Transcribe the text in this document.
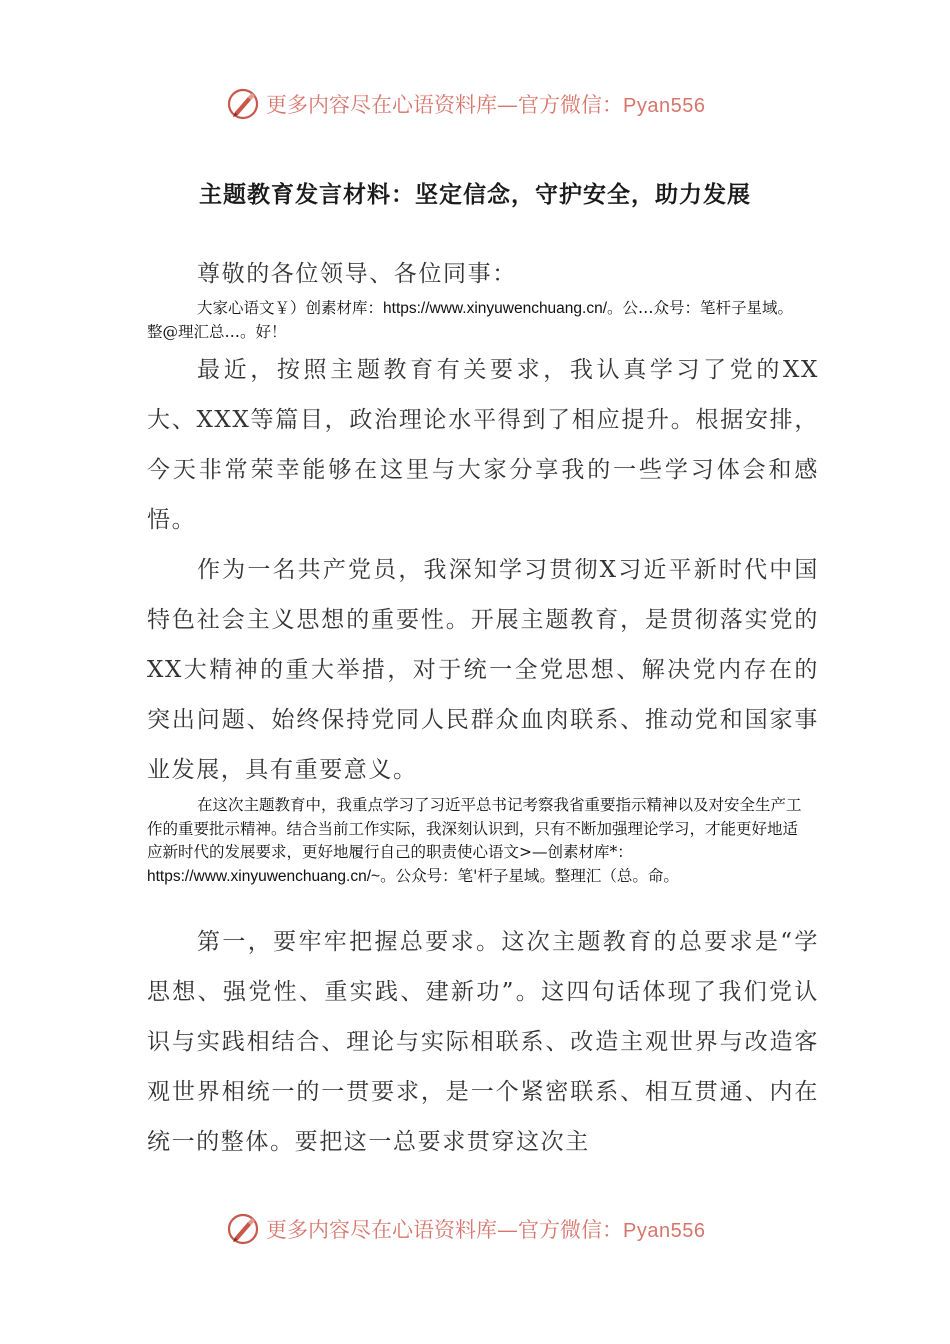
更多内容尽在心语资料库—官方微信：Pyan556
主题教育发言材料：坚定信念，守护安全，助力发展

尊敬的各位领导、各位同事：

大家心语文￥）创素材库：https://www.xinyuwenchuang.cn/。公…众号：笔杆子星域。整@理汇总…。好！

最近，按照主题教育有关要求，我认真学习了党的XX大、XXX等篇目，政治理论水平得到了相应提升。根据安排，今天非常荣幸能够在这里与大家分享我的一些学习体会和感悟。

作为一名共产党员，我深知学习贯彻X习近平新时代中国特色社会主义思想的重要性。开展主题教育，是贯彻落实党的XX大精神的重大举措，对于统一全党思想、解决党内存在的突出问题、始终保持党同人民群众血肉联系、推动党和国家事业发展，具有重要意义。

在这次主题教育中，我重点学习了习近平总书记考察我省重要指示精神以及对安全生产工作的重要批示精神。结合当前工作实际，我深刻认识到，只有不断加强理论学习，才能更好地适应新时代的发展要求，更好地履行自己的职责使心语文>—创素材库*：https://www.xinyuwenchuang.cn/~。公众号：笔'杆子星域。整理汇（总。命。

第一，要牢牢把握总要求。这次主题教育的总要求是“学思想、强党性、重实践、建新功”。这四句话体现了我们党认识与实践相结合、理论与实际相联系、改造主观世界与改造客观世界相统一的一贯要求，是一个紧密联系、相互贯通、内在统一的整体。要把这一总要求贯穿这次主

更多内容尽在心语资料库—官方微信：Pyan556
